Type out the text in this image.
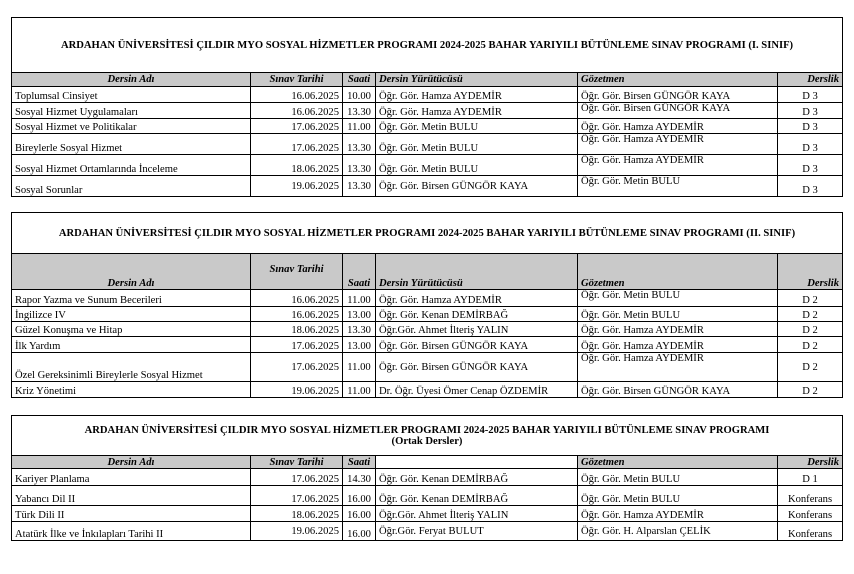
ARDAHAN ÜNİVERSİTESİ ÇILDIR MYO SOSYAL HİZMETLER PROGRAMI 2024-2025 BAHAR YARIYILI BÜTÜNLEME SINAV PROGRAMI (I. SINIF)					
Dersin Adı	Sınav Tarihi	Saati	Dersin Yürütücüsü	Gözetmen	Derslik
Toplumsal Cinsiyet	16.06.2025	10.00	Öğr. Gör. Hamza AYDEMİR	Öğr. Gör. Birsen GÜNGÖR KAYA	D 3
Sosyal Hizmet Uygulamaları	16.06.2025	13.30	Öğr. Gör. Hamza AYDEMİR	Öğr. Gör. Birsen GÜNGÖR KAYA	D 3
Sosyal Hizmet ve Politikalar	17.06.2025	11.00	Öğr. Gör. Metin BULU	Öğr. Gör. Hamza AYDEMİR	D 3
Bireylerle Sosyal Hizmet	17.06.2025	13.30	Öğr. Gör. Metin BULU	Öğr. Gör. Hamza AYDEMİR	D 3
Sosyal Hizmet Ortamlarında İnceleme	18.06.2025	13.30	Öğr. Gör. Metin BULU	Öğr. Gör. Hamza AYDEMİR	D 3
Sosyal Sorunlar	19.06.2025	13.30	Öğr. Gör. Birsen GÜNGÖR KAYA	Öğr. Gör. Metin BULU	D 3
ARDAHAN ÜNİVERSİTESİ ÇILDIR MYO SOSYAL HİZMETLER PROGRAMI 2024-2025 BAHAR YARIYILI BÜTÜNLEME SINAV PROGRAMI (II. SINIF)					
Dersin Adı	Sınav Tarihi	Saati	Dersin Yürütücüsü	Gözetmen	Derslik
Rapor Yazma ve Sunum Becerileri	16.06.2025	11.00	Öğr. Gör. Hamza AYDEMİR	Öğr. Gör. Metin BULU	D 2
İngilizce IV	16.06.2025	13.00	Öğr. Gör. Kenan DEMİRBAĞ	Öğr. Gör. Metin BULU	D 2
Güzel Konuşma ve Hitap	18.06.2025	13.30	Öğr.Gör. Ahmet İlteriş YALIN	Öğr. Gör. Hamza AYDEMİR	D 2
İlk Yardım	17.06.2025	13.00	Öğr. Gör. Birsen GÜNGÖR KAYA	Öğr. Gör. Hamza AYDEMİR	D 2
Özel Gereksinimli Bireylerle Sosyal Hizmet	17.06.2025	11.00	Öğr. Gör. Birsen GÜNGÖR KAYA	Öğr. Gör. Hamza AYDEMİR	D 2
Kriz Yönetimi	19.06.2025	11.00	Dr. Öğr. Üyesi Ömer Cenap ÖZDEMİR	Öğr. Gör. Birsen GÜNGÖR KAYA	D 2
ARDAHAN ÜNİVERSİTESİ ÇILDIR MYO SOSYAL HİZMETLER PROGRAMI 2024-2025 BAHAR YARIYILI BÜTÜNLEME SINAV PROGRAMI
(Ortak Dersler)					

Dersin Adı	Sınav Tarihi	Saati		Gözetmen	Derslik
Kariyer Planlama	17.06.2025	14.30	Öğr. Gör. Kenan DEMİRBAĞ	Öğr. Gör. Metin BULU	D 1
Yabancı Dil II	17.06.2025	16.00	Öğr. Gör. Kenan DEMİRBAĞ	Öğr. Gör. Metin BULU	Konferans
Türk Dili II	18.06.2025	16.00	Öğr.Gör. Ahmet İlteriş YALIN	Öğr. Gör. Hamza AYDEMİR	Konferans
Atatürk İlke ve İnkılapları Tarihi II	19.06.2025	16.00	Öğr.Gör. Feryat BULUT	Öğr. Gör. H. Alparslan ÇELİK	Konferans
